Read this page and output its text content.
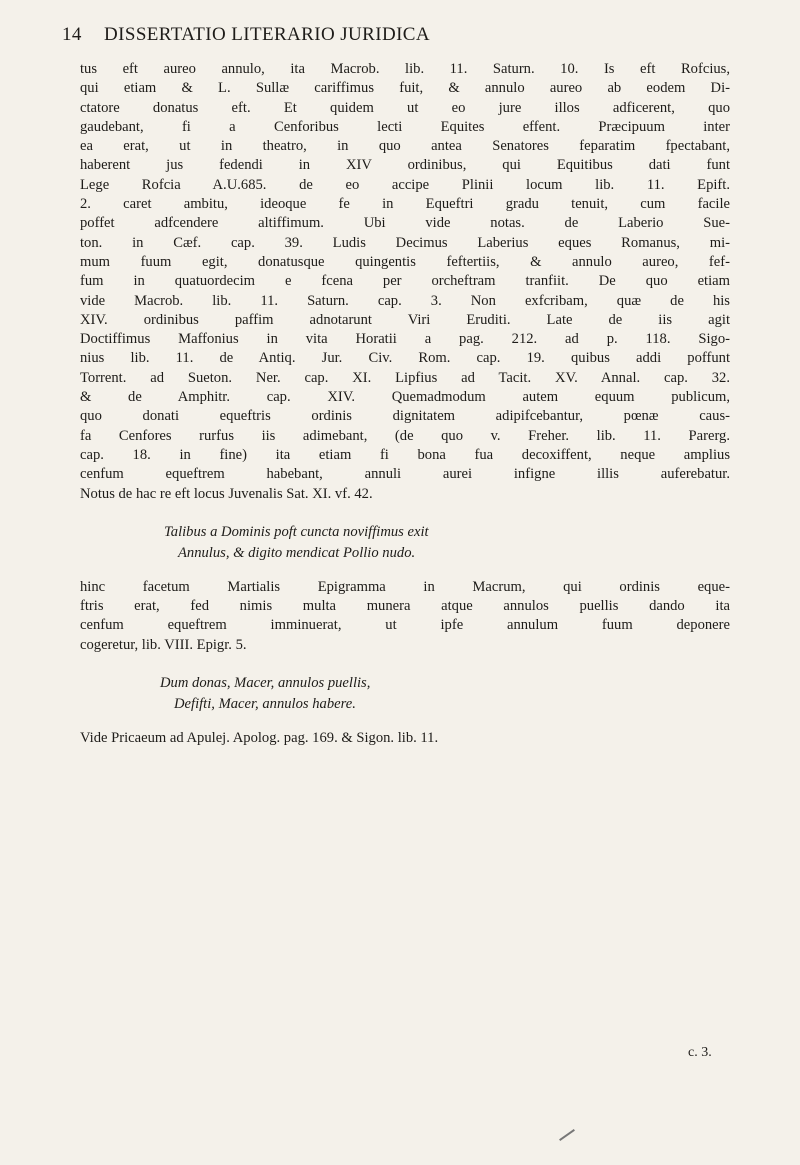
14 DISSERTATIO LITERARIO JURIDICA
tus eft aureo annulo, ita Macrob. lib. 11. Saturn. 10. Is eft Rofcius,
qui etiam & L. Sullæ cariffimus fuit, & annulo aureo ab eodem Di-
ctatore donatus eft. Et quidem ut eo jure illos adficerent, quo
gaudebant, fi a Cenforibus lecti Equites effent. Præcipuum inter
ea erat, ut in theatro, in quo antea Senatores feparatim fpectabant,
haberent jus fedendi in XIV ordinibus, qui Equitibus dati funt
Lege Rofcia A.U.685. de eo accipe Plinii locum lib. 11. Epift.
2. caret ambitu, ideoque fe in Equeftri gradu tenuit, cum facile
poffet adfcendere altiffimum. Ubi vide notas. de Laberio Sue-
ton. in Cæf. cap. 39. Ludis Decimus Laberius eques Romanus, mi-
mum fuum egit, donatusque quingentis feftertiis, & annulo aureo, fef-
fum in quatuordecim e fcena per orcheftram tranfiit. De quo etiam
vide Macrob. lib. 11. Saturn. cap. 3. Non exfcribam, quæ de his
XIV. ordinibus paffim adnotarunt Viri Eruditi. Late de iis agit
Doctiffimus Maffonius in vita Horatii a pag. 212. ad p. 118. Sigo-
nius lib. 11. de Antiq. Jur. Civ. Rom. cap. 19. quibus addi poffunt
Torrent. ad Sueton. Ner. cap. XI. Lipfius ad Tacit. XV. Annal. cap. 32.
& de Amphitr. cap. XIV. Quemadmodum autem equum publicum,
quo donati equeftris ordinis dignitatem adipifcebantur, pœnæ caus-
fa Cenfores rurfus iis adimebant, (de quo v. Freher. lib. 11. Parerg.
cap. 18. in fine) ita etiam fi bona fua decoxiffent, neque amplius
cenfum equeftrem habebant, annuli aurei infigne illis auferebatur.
Notus de hac re eft locus Juvenalis Sat. XI. vf. 42.
Talibus a Dominis poft cuncta noviffimus exit
Annulus, & digito mendicat Pollio nudo.
hinc facetum Martialis Epigramma in Macrum, qui ordinis eque-
ftris erat, fed nimis multa munera atque annulos puellis dando ita
cenfum equeftrem imminuerat, ut ipfe annulum fuum deponere
cogeretur, lib. VIII. Epigr. 5.
Dum donas, Macer, annulos puellis,
Defifti, Macer, annulos habere.
Vide Pricaeum ad Apulej. Apolog. pag. 169. & Sigon. lib. 11.
c. 3.
